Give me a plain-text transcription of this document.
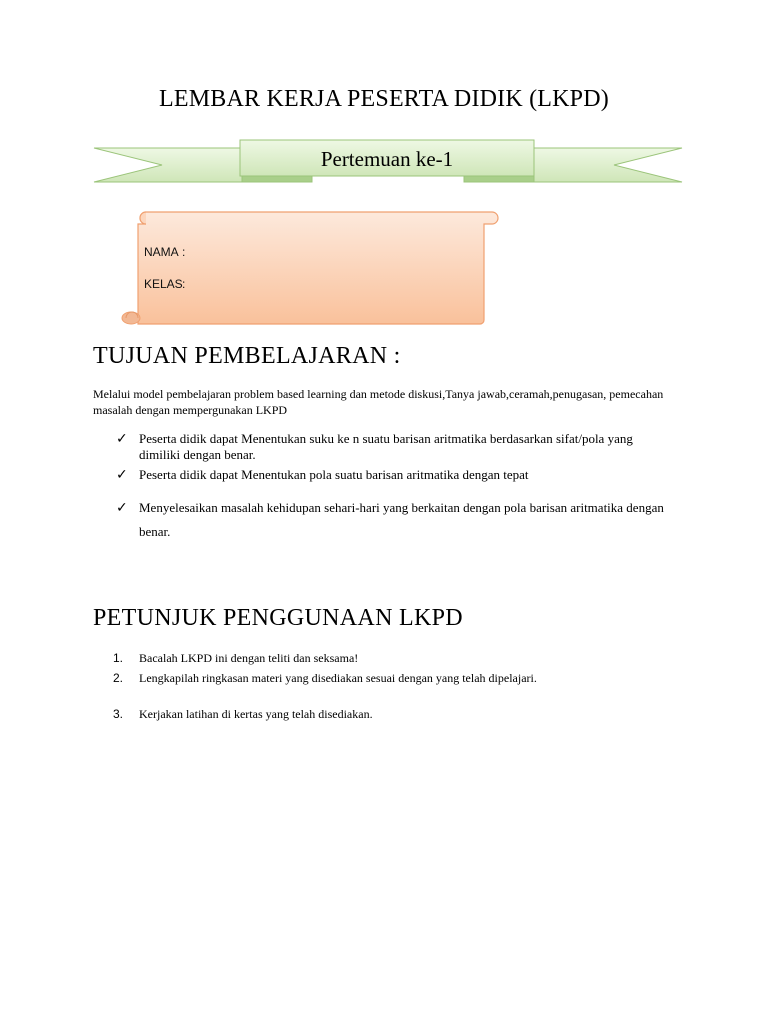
LEMBAR KERJA PESERTA DIDIK (LKPD)
Pertemuan ke-1
NAMA :
KELAS:
TUJUAN PEMBELAJARAN :
Melalui model pembelajaran problem based learning dan metode diskusi,Tanya jawab,ceramah,penugasan, pemecahan masalah dengan mempergunakan LKPD
✓ Peserta didik dapat Menentukan suku ke n suatu barisan aritmatika berdasarkan sifat/pola yang dimiliki dengan benar.
✓ Peserta didik dapat Menentukan pola suatu barisan aritmatika dengan tepat
✓ Menyelesaikan masalah kehidupan sehari-hari yang berkaitan dengan pola barisan aritmatika dengan benar.
PETUNJUK PENGGUNAAN LKPD
1.	Bacalah LKPD ini dengan teliti dan seksama!
2.	Lengkapilah ringkasan materi yang disediakan sesuai dengan yang telah dipelajari.
3.	Kerjakan latihan di kertas yang telah disediakan.
